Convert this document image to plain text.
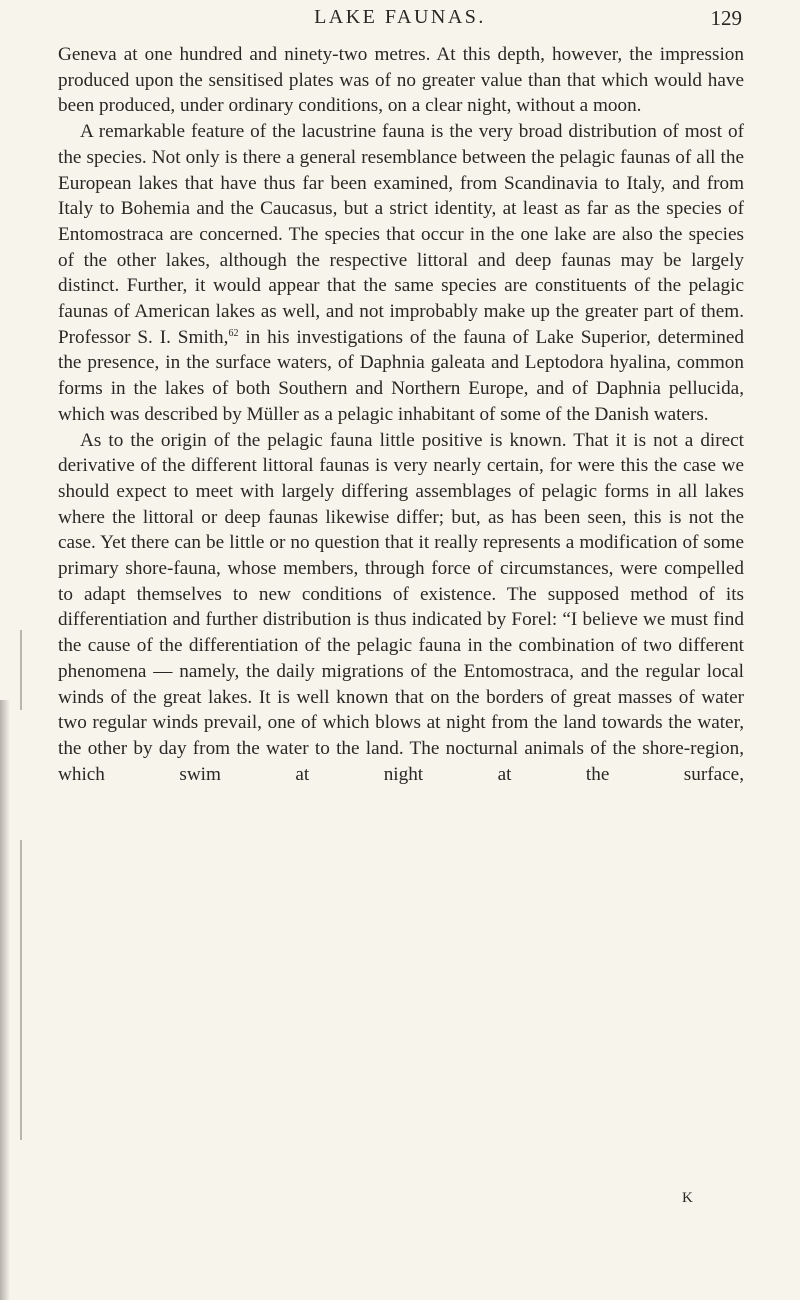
LAKE FAUNAS.	129

Geneva at one hundred and ninety-two metres. At this depth, however, the impression produced upon the sensitised plates was of no greater value than that which would have been produced, under ordinary conditions, on a clear night, without a moon.

A remarkable feature of the lacustrine fauna is the very broad distribution of most of the species. Not only is there a general resemblance between the pelagic faunas of all the European lakes that have thus far been examined, from Scandinavia to Italy, and from Italy to Bohemia and the Caucasus, but a strict identity, at least as far as the species of Entomostraca are concerned. The species that occur in the one lake are also the species of the other lakes, although the respective littoral and deep faunas may be largely distinct. Further, it would appear that the same species are constituents of the pelagic faunas of American lakes as well, and not improbably make up the greater part of them. Professor S. I. Smith,$^{62}$ in his investigations of the fauna of Lake Superior, determined the presence, in the surface waters, of Daphnia galeata and Leptodora hyalina, common forms in the lakes of both Southern and Northern Europe, and of Daphnia pellucida, which was described by Müller as a pelagic inhabitant of some of the Danish waters.

As to the origin of the pelagic fauna little positive is known. That it is not a direct derivative of the different littoral faunas is very nearly certain, for were this the case we should expect to meet with largely differing assemblages of pelagic forms in all lakes where the littoral or deep faunas likewise differ; but, as has been seen, this is not the case. Yet there can be little or no question that it really represents a modification of some primary shore-fauna, whose members, through force of circumstances, were compelled to adapt themselves to new conditions of existence. The supposed method of its differentiation and further distribution is thus indicated by Forel: “I believe we must find the cause of the differentiation of the pelagic fauna in the combination of two different phenomena — namely, the daily migrations of the Entomostraca, and the regular local winds of the great lakes. It is well known that on the borders of great masses of water two regular winds prevail, one of which blows at night from the land towards the water, the other by day from the water to the land. The nocturnal animals of the shore-region, which swim at night at the surface,

K
